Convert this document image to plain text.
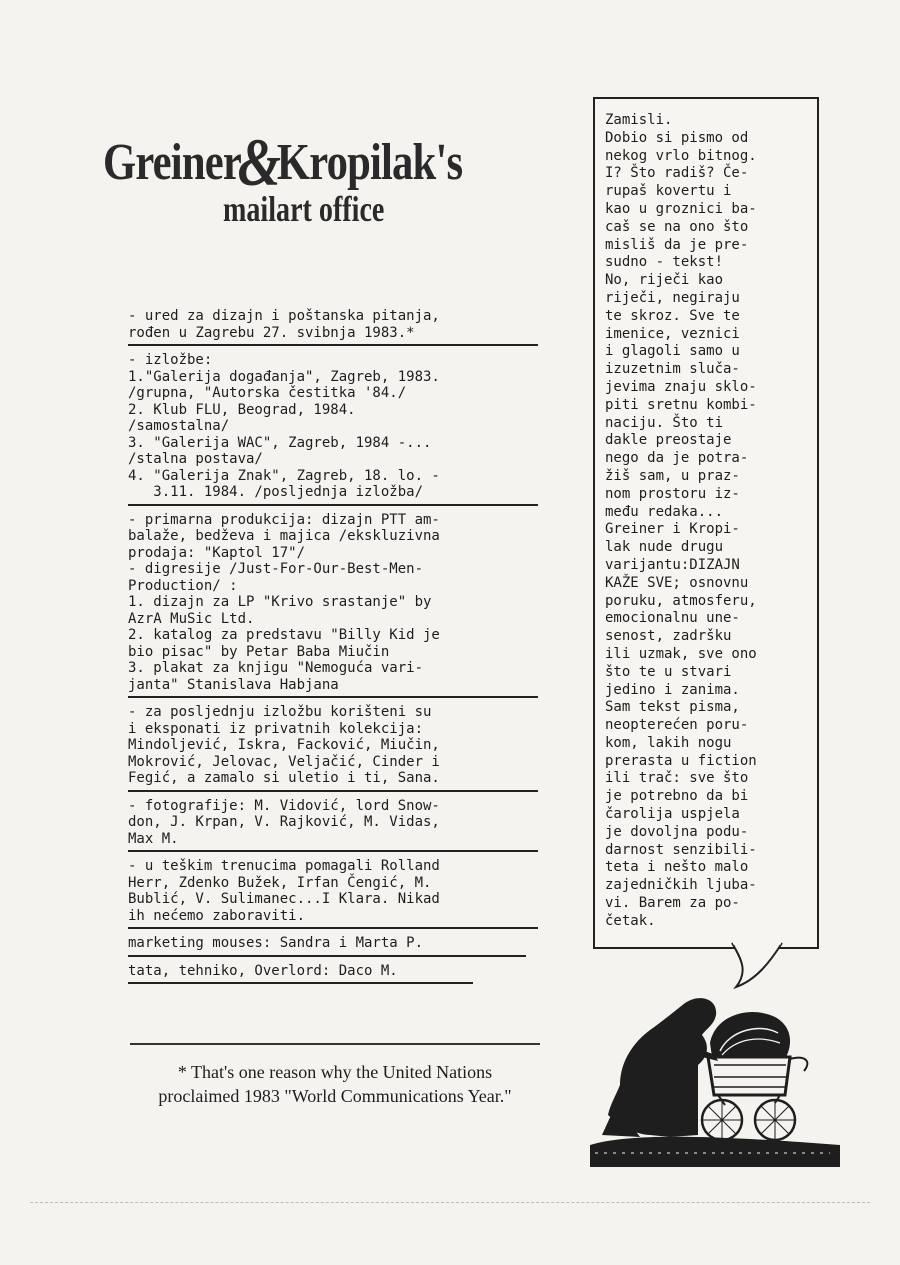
Greiner&Kropilak's
mailart office
- ured za dizajn i poštanska pitanja,
rođen u Zagrebu 27. svibnja 1983.*
- izložbe:
1."Galerija događanja", Zagreb, 1983.
/grupna, "Autorska čestitka '84./
2. Klub FLU, Beograd, 1984.
/samostalna/
3. "Galerija WAC", Zagreb, 1984 -...
/stalna postava/
4. "Galerija Znak", Zagreb, 18. lo. -
3.11. 1984. /posljednja izložba/
- primarna produkcija: dizajn PTT am-
balaže, bedževa i majica /ekskluzivna
prodaja: "Kaptol 17"/
- digresije /Just-For-Our-Best-Men-
Production/ :
1. dizajn za LP "Krivo srastanje" by
AzrA MuSic Ltd.
2. katalog za predstavu "Billy Kid je
bio pisac" by Petar Baba Miučin
3. plakat za knjigu "Nemoguća vari-
janta" Stanislava Habjana
- za posljednju izložbu korišteni su
i eksponati iz privatnih kolekcija:
Mindoljević, Iskra, Facković, Miučin,
Mokrović, Jelovac, Veljačić, Cinder i
Fegić, a zamalo si uletio i ti, Sana.
- fotografije: M. Vidović, lord Snow-
don, J. Krpan, V. Rajković, M. Vidas,
Max M.
- u teškim trenucima pomagali Rolland
Herr, Zdenko Bužek, Irfan Čengić, M.
Bublić, V. Sulimanec...I Klara. Nikad
ih nećemo zaboraviti.
marketing mouses: Sandra i Marta P.
tata, tehniko, Overlord: Daco M.
* That's one reason why the United Nations
proclaimed 1983 "World Communications Year."
Zamisli.
Dobio si pismo od
nekog vrlo bitnog.
I? Što radiš? Če-
rupaš kovertu i
kao u groznici ba-
caš se na ono što
misliš da je pre-
sudno - tekst!
No, riječi kao
riječi, negiraju
te skroz. Sve te
imenice, veznici
i glagoli samo u
izuzetnim sluča-
jevima znaju sklo-
piti sretnu kombi-
naciju. Što ti
dakle preostaje
nego da je potra-
žiš sam, u praz-
nom prostoru iz-
među redaka...
Greiner i Kropi-
lak nude drugu
varijantu:DIZAJN
KAŽE SVE; osnovnu
poruku, atmosferu,
emocionalnu une-
senost, zadršku
ili uzmak, sve ono
što te u stvari
jedino i zanima.
Sam tekst pisma,
neopterećen poru-
kom, lakih nogu
prerasta u fiction
ili trač: sve što
je potrebno da bi
čarolija uspjela
je dovoljna podu-
darnost senzibili-
teta i nešto malo
zajedničkih ljuba-
vi. Barem za po-
četak.
